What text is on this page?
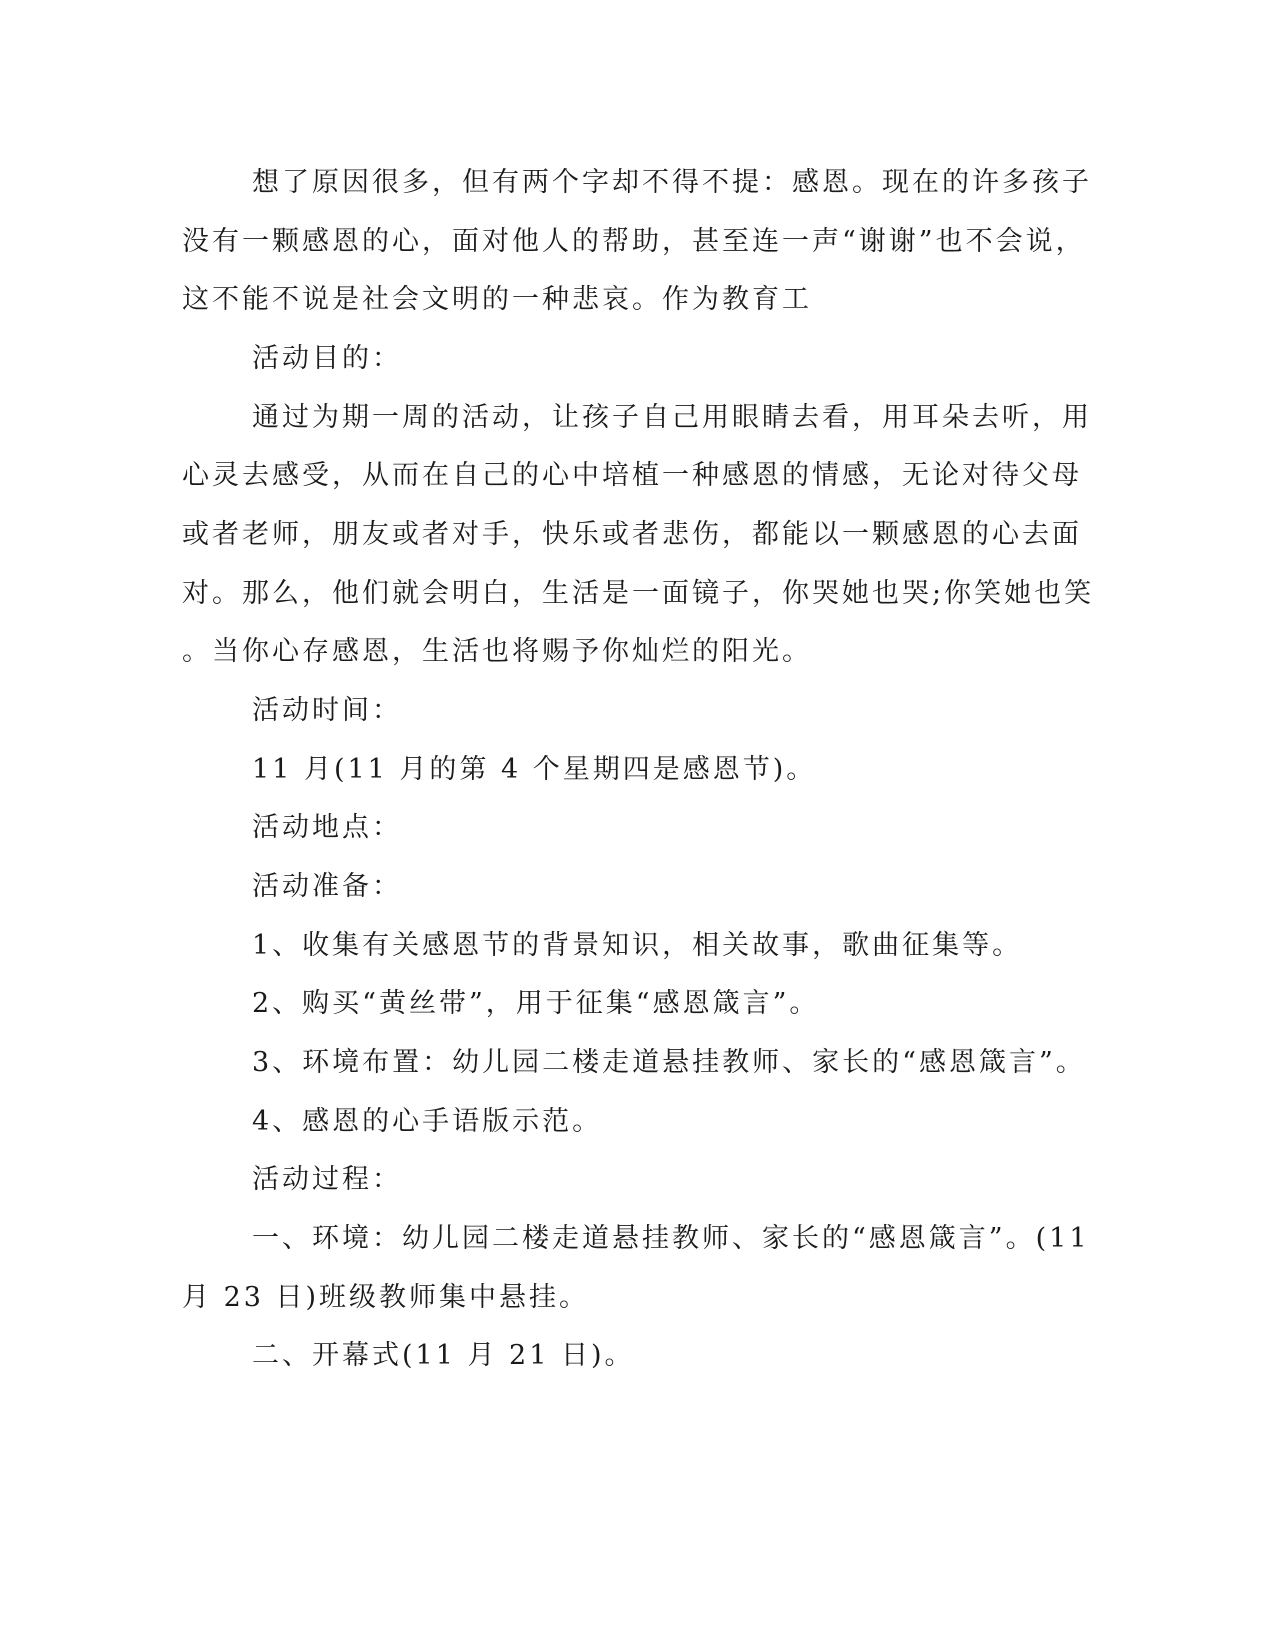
想了原因很多，但有两个字却不得不提：感恩。现在的许多孩子
没有一颗感恩的心，面对他人的帮助，甚至连一声“谢谢”也不会说，
这不能不说是社会文明的一种悲哀。作为教育工
活动目的：
通过为期一周的活动，让孩子自己用眼睛去看，用耳朵去听，用
心灵去感受，从而在自己的心中培植一种感恩的情感，无论对待父母
或者老师，朋友或者对手，快乐或者悲伤，都能以一颗感恩的心去面
对。那么，他们就会明白，生活是一面镜子，你哭她也哭;你笑她也笑
。当你心存感恩，生活也将赐予你灿烂的阳光。
活动时间：
11 月(11 月的第 4 个星期四是感恩节)。
活动地点：
活动准备：
1、收集有关感恩节的背景知识，相关故事，歌曲征集等。
2、购买“黄丝带”，用于征集“感恩箴言”。
3、环境布置：幼儿园二楼走道悬挂教师、家长的“感恩箴言”。
4、感恩的心手语版示范。
活动过程：
一、环境：幼儿园二楼走道悬挂教师、家长的“感恩箴言”。(11
月 23 日)班级教师集中悬挂。
二、开幕式(11 月 21 日)。
